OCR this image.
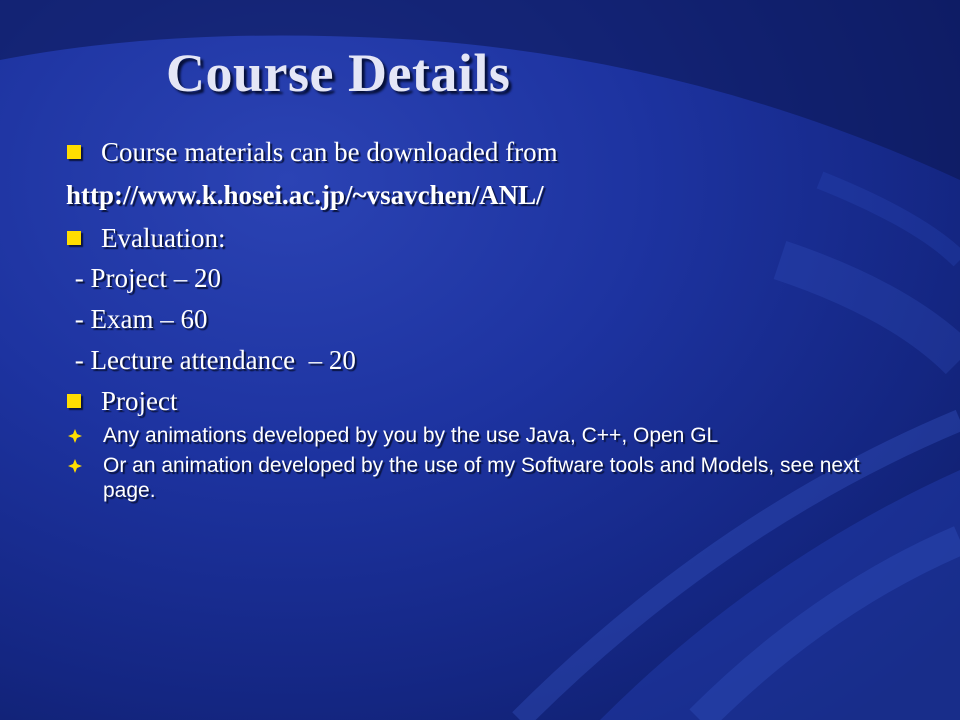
Course Details
Course materials can be downloaded from
http://www.k.hosei.ac.jp/~vsavchen/ANL/
Evaluation:
- Project – 20
- Exam – 60
- Lecture attendance  – 20
Project
Any animations developed by you by the use Java, C++, Open GL
Or an animation developed by the use of my Software tools and Models, see next page.
